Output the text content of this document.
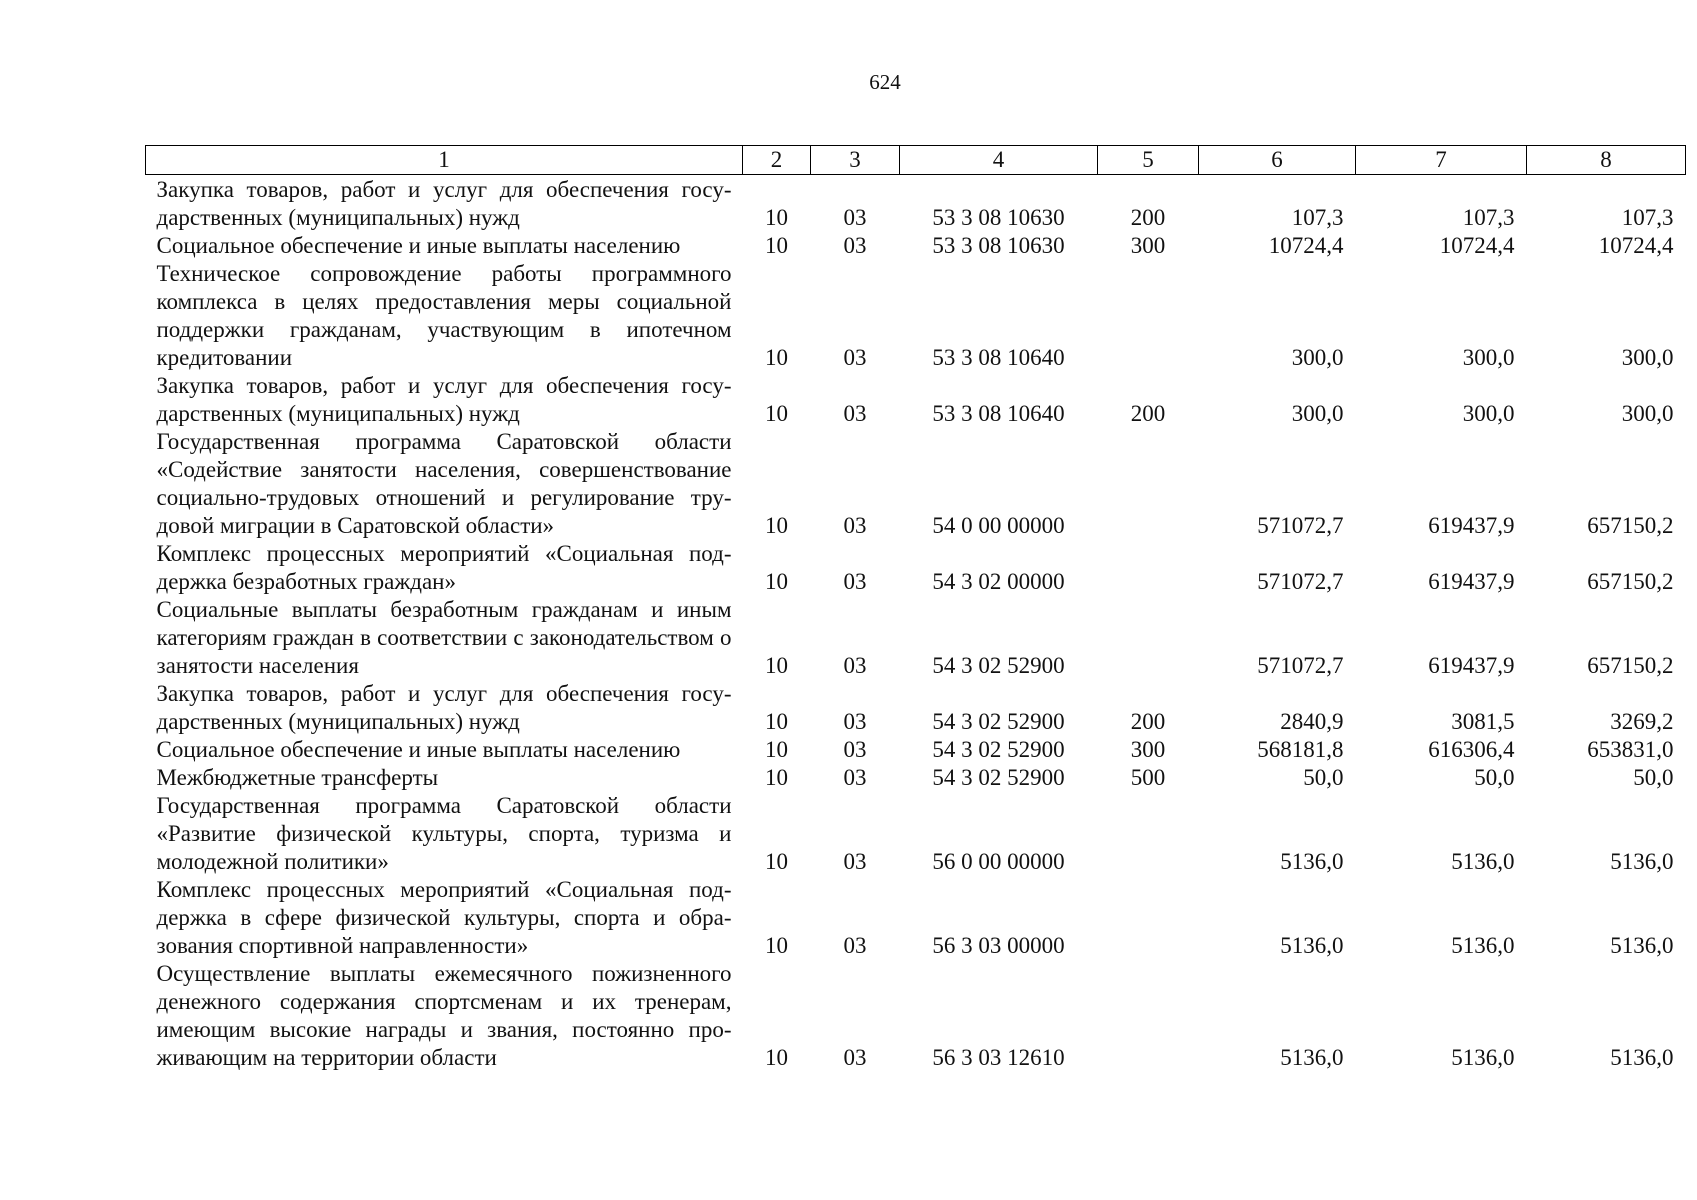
624
1	2	3	4	5	6	7	8
Закупка товаров, работ и услуг для обеспечения государственных (муниципальных) нужд	10	03	53 3 08 10630	200	107,3	107,3	107,3
Социальное обеспечение и иные выплаты населению	10	03	53 3 08 10630	300	10724,4	10724,4	10724,4
Техническое сопровождение работы программного комплекса в целях предоставления меры социальной поддержки гражданам, участвующим в ипотечном кредитовании	10	03	53 3 08 10640		300,0	300,0	300,0
Закупка товаров, работ и услуг для обеспечения государственных (муниципальных) нужд	10	03	53 3 08 10640	200	300,0	300,0	300,0
Государственная программа Саратовской области «Содействие занятости населения, совершенствование социально-трудовых отношений и регулирование трудовой миграции в Саратовской области»	10	03	54 0 00 00000		571072,7	619437,9	657150,2
Комплекс процессных мероприятий «Социальная поддержка безработных граждан»	10	03	54 3 02 00000		571072,7	619437,9	657150,2
Социальные выплаты безработным гражданам и иным категориям граждан в соответствии с законодательством о занятости населения	10	03	54 3 02 52900		571072,7	619437,9	657150,2
Закупка товаров, работ и услуг для обеспечения государственных (муниципальных) нужд	10	03	54 3 02 52900	200	2840,9	3081,5	3269,2
Социальное обеспечение и иные выплаты населению	10	03	54 3 02 52900	300	568181,8	616306,4	653831,0
Межбюджетные трансферты	10	03	54 3 02 52900	500	50,0	50,0	50,0
Государственная программа Саратовской области «Развитие физической культуры, спорта, туризма и молодежной политики»	10	03	56 0 00 00000		5136,0	5136,0	5136,0
Комплекс процессных мероприятий «Социальная поддержка в сфере физической культуры, спорта и образования спортивной направленности»	10	03	56 3 03 00000		5136,0	5136,0	5136,0
Осуществление выплаты ежемесячного пожизненного денежного содержания спортсменам и их тренерам, имеющим высокие награды и звания, постоянно проживающим на территории области	10	03	56 3 03 12610		5136,0	5136,0	5136,0
